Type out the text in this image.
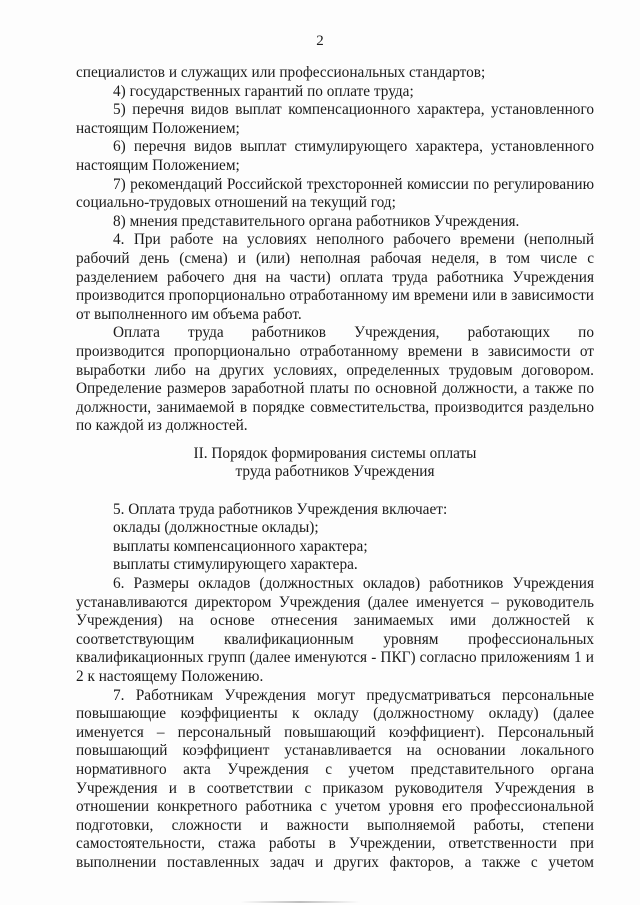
2
специалистов и служащих или профессиональных стандартов;
4) государственных гарантий по оплате труда;
5) перечня видов выплат компенсационного характера, установленного
настоящим Положением;
6) перечня видов выплат стимулирующего характера, установленного
настоящим Положением;
7) рекомендаций Российской трехсторонней комиссии по регулированию
социально-трудовых отношений на текущий год;
8) мнения представительного органа работников Учреждения.
4. При работе на условиях неполного рабочего времени (неполный
рабочий день (смена) и (или) неполная рабочая неделя, в том числе с
разделением рабочего дня на части) оплата труда работника Учреждения
производится пропорционально отработанному им времени или в зависимости
от выполненного им объема работ.
Оплата труда работников Учреждения, работающих по
производится пропорционально отработанному времени в зависимости от
выработки либо на других условиях, определенных трудовым договором.
Определение размеров заработной платы по основной должности, а также по
должности, занимаемой в порядке совместительства, производится раздельно
по каждой из должностей.
II. Порядок формирования системы оплаты
труда работников Учреждения
5. Оплата труда работников Учреждения включает:
оклады (должностные оклады);
выплаты компенсационного характера;
выплаты стимулирующего характера.
6. Размеры окладов (должностных окладов) работников Учреждения
устанавливаются директором Учреждения (далее именуется – руководитель
Учреждения) на основе отнесения занимаемых ими должностей к
соответствующим квалификационным уровням профессиональных
квалификационных групп (далее именуются - ПКГ) согласно приложениям 1 и
2 к настоящему Положению.
7. Работникам Учреждения могут предусматриваться персональные
повышающие коэффициенты к окладу (должностному окладу) (далее
именуется – персональный повышающий коэффициент). Персональный
повышающий коэффициент устанавливается на основании локального
нормативного акта Учреждения с учетом представительного органа
Учреждения и в соответствии с приказом руководителя Учреждения в
отношении конкретного работника с учетом уровня его профессиональной
подготовки, сложности и важности выполняемой работы, степени
самостоятельности, стажа работы в Учреждении, ответственности при
выполнении поставленных задач и других факторов, а также с учетом
